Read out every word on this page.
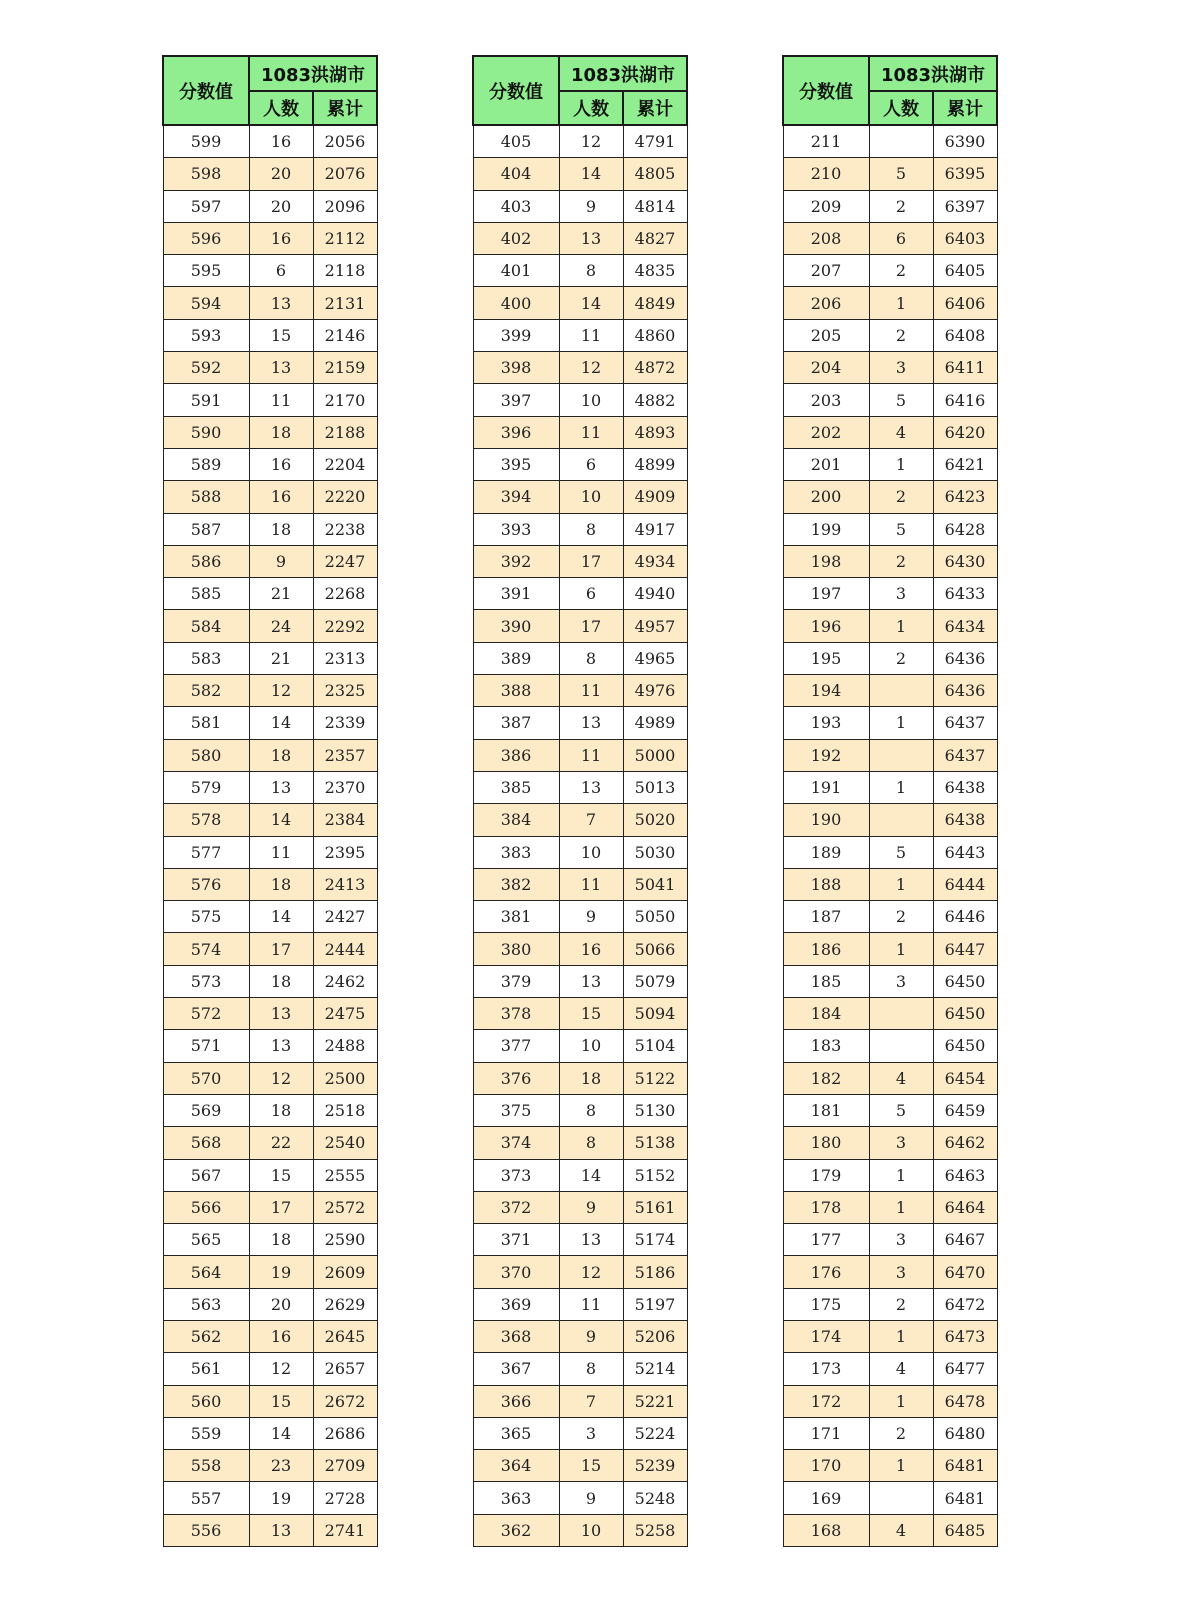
分数值	1083洪湖市	
	人数	累计
599	16	2056
598	20	2076
597	20	2096
596	16	2112
595	6	2118
594	13	2131
593	15	2146
592	13	2159
591	11	2170
590	18	2188
589	16	2204
588	16	2220
587	18	2238
586	9	2247
585	21	2268
584	24	2292
583	21	2313
582	12	2325
581	14	2339
580	18	2357
579	13	2370
578	14	2384
577	11	2395
576	18	2413
575	14	2427
574	17	2444
573	18	2462
572	13	2475
571	13	2488
570	12	2500
569	18	2518
568	22	2540
567	15	2555
566	17	2572
565	18	2590
564	19	2609
563	20	2629
562	16	2645
561	12	2657
560	15	2672
559	14	2686
558	23	2709
557	19	2728
556	13	2741
分数值	1083洪湖市	
	人数	累计
405	12	4791
404	14	4805
403	9	4814
402	13	4827
401	8	4835
400	14	4849
399	11	4860
398	12	4872
397	10	4882
396	11	4893
395	6	4899
394	10	4909
393	8	4917
392	17	4934
391	6	4940
390	17	4957
389	8	4965
388	11	4976
387	13	4989
386	11	5000
385	13	5013
384	7	5020
383	10	5030
382	11	5041
381	9	5050
380	16	5066
379	13	5079
378	15	5094
377	10	5104
376	18	5122
375	8	5130
374	8	5138
373	14	5152
372	9	5161
371	13	5174
370	12	5186
369	11	5197
368	9	5206
367	8	5214
366	7	5221
365	3	5224
364	15	5239
363	9	5248
362	10	5258
分数值	1083洪湖市	
	人数	累计
211		6390
210	5	6395
209	2	6397
208	6	6403
207	2	6405
206	1	6406
205	2	6408
204	3	6411
203	5	6416
202	4	6420
201	1	6421
200	2	6423
199	5	6428
198	2	6430
197	3	6433
196	1	6434
195	2	6436
194		6436
193	1	6437
192		6437
191	1	6438
190		6438
189	5	6443
188	1	6444
187	2	6446
186	1	6447
185	3	6450
184		6450
183		6450
182	4	6454
181	5	6459
180	3	6462
179	1	6463
178	1	6464
177	3	6467
176	3	6470
175	2	6472
174	1	6473
173	4	6477
172	1	6478
171	2	6480
170	1	6481
169		6481
168	4	6485
